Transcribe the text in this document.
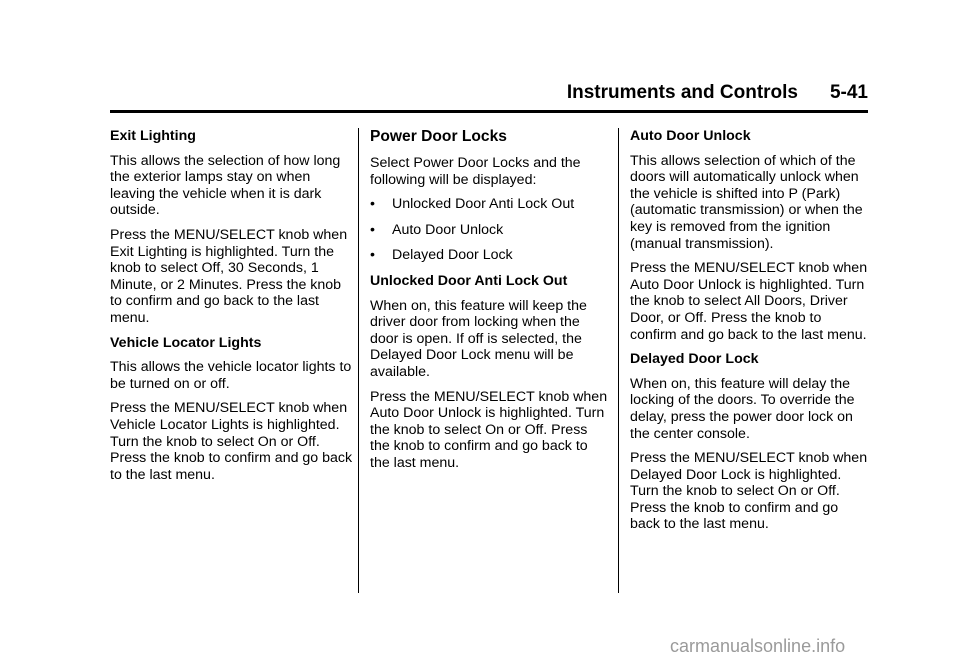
Instruments and Controls 5-41
Exit Lighting
This allows the selection of how long the exterior lamps stay on when leaving the vehicle when it is dark outside.
Press the MENU/SELECT knob when Exit Lighting is highlighted. Turn the knob to select Off, 30 Seconds, 1 Minute, or 2 Minutes. Press the knob to confirm and go back to the last menu.
Vehicle Locator Lights
This allows the vehicle locator lights to be turned on or off.
Press the MENU/SELECT knob when Vehicle Locator Lights is highlighted. Turn the knob to select On or Off. Press the knob to confirm and go back to the last menu.
Power Door Locks
Select Power Door Locks and the following will be displayed:
• Unlocked Door Anti Lock Out
• Auto Door Unlock
• Delayed Door Lock
Unlocked Door Anti Lock Out
When on, this feature will keep the driver door from locking when the door is open. If off is selected, the Delayed Door Lock menu will be available.
Press the MENU/SELECT knob when Auto Door Unlock is highlighted. Turn the knob to select On or Off. Press the knob to confirm and go back to the last menu.
Auto Door Unlock
This allows selection of which of the doors will automatically unlock when the vehicle is shifted into P (Park) (automatic transmission) or when the key is removed from the ignition (manual transmission).
Press the MENU/SELECT knob when Auto Door Unlock is highlighted. Turn the knob to select All Doors, Driver Door, or Off. Press the knob to confirm and go back to the last menu.
Delayed Door Lock
When on, this feature will delay the locking of the doors. To override the delay, press the power door lock on the center console.
Press the MENU/SELECT knob when Delayed Door Lock is highlighted. Turn the knob to select On or Off. Press the knob to confirm and go back to the last menu.
carmanualsonline.info
